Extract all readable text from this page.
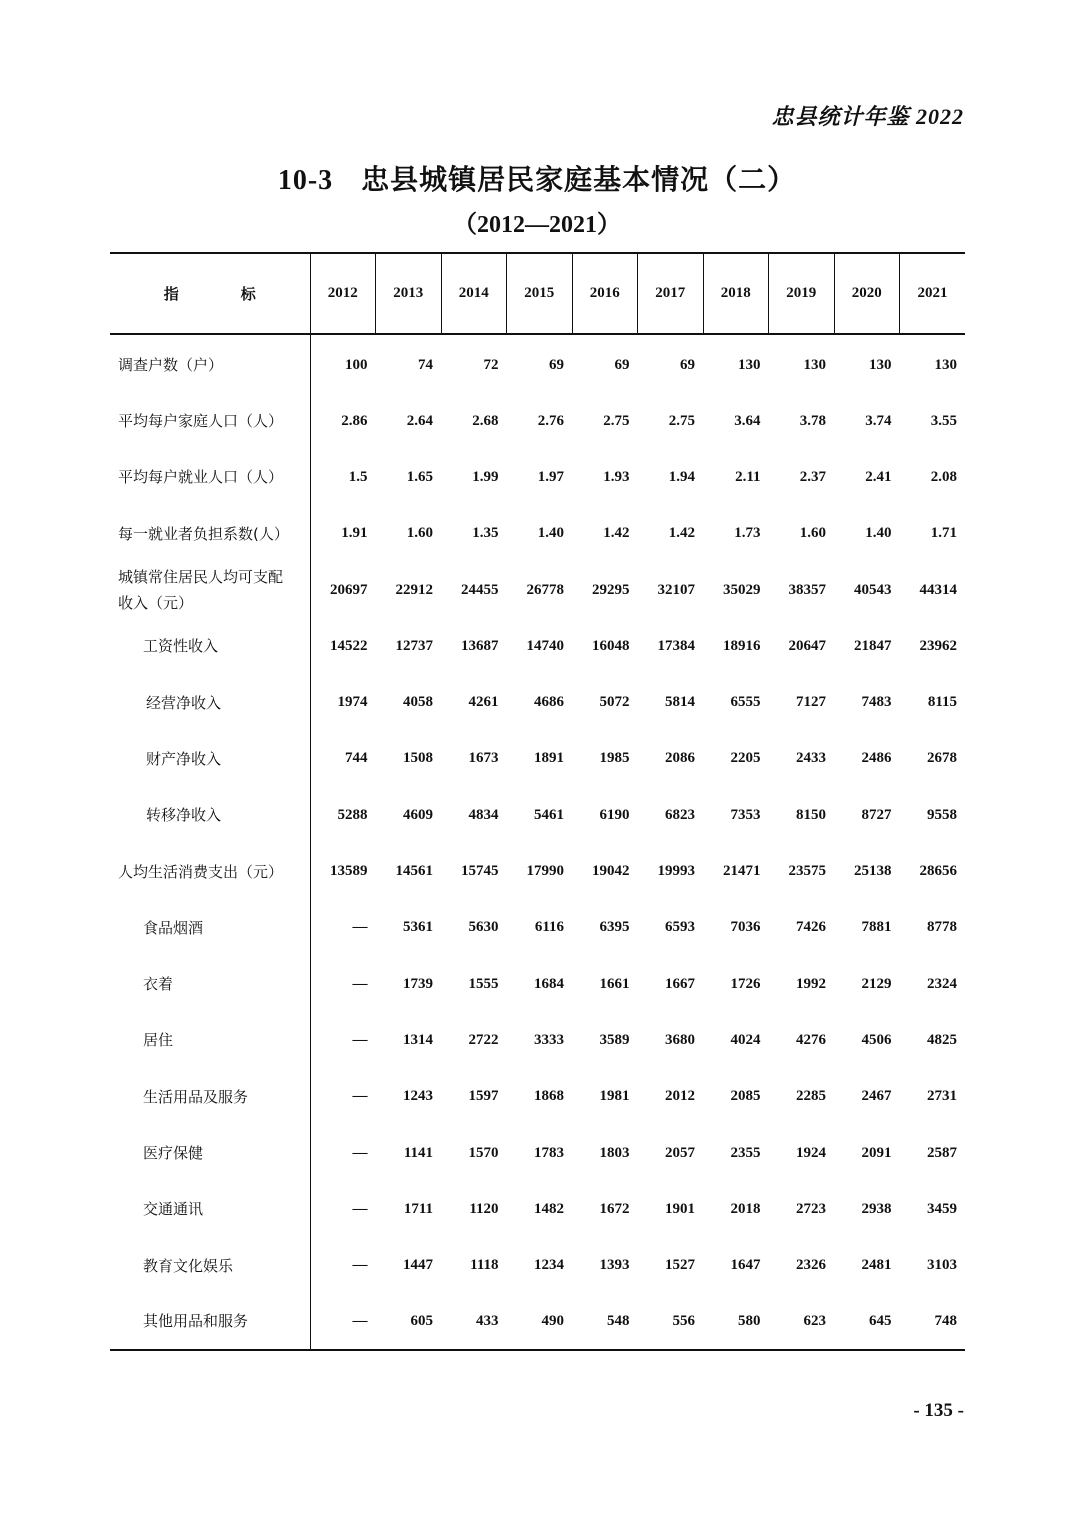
忠县统计年鉴 2022
10-3 忠县城镇居民家庭基本情况（二）
（2012—2021）
指 标	2012	2013	2014	2015	2016	2017	2018	2019	2020	2021
调查户数（户）	100	74	72	69	69	69	130	130	130	130
平均每户家庭人口（人）	2.86	2.64	2.68	2.76	2.75	2.75	3.64	3.78	3.74	3.55
平均每户就业人口（人）	1.5	1.65	1.99	1.97	1.93	1.94	2.11	2.37	2.41	2.08
每一就业者负担系数(人）	1.91	1.60	1.35	1.40	1.42	1.42	1.73	1.60	1.40	1.71
城镇常住居民人均可支配
收入（元）	20697	22912	24455	26778	29295	32107	35029	38357	40543	44314
工资性收入	14522	12737	13687	14740	16048	17384	18916	20647	21847	23962
经营净收入	1974	4058	4261	4686	5072	5814	6555	7127	7483	8115
财产净收入	744	1508	1673	1891	1985	2086	2205	2433	2486	2678
转移净收入	5288	4609	4834	5461	6190	6823	7353	8150	8727	9558
人均生活消费支出（元）	13589	14561	15745	17990	19042	19993	21471	23575	25138	28656
食品烟酒	—	5361	5630	6116	6395	6593	7036	7426	7881	8778
衣着	—	1739	1555	1684	1661	1667	1726	1992	2129	2324
居住	—	1314	2722	3333	3589	3680	4024	4276	4506	4825
生活用品及服务	—	1243	1597	1868	1981	2012	2085	2285	2467	2731
医疗保健	—	1141	1570	1783	1803	2057	2355	1924	2091	2587
交通通讯	—	1711	1120	1482	1672	1901	2018	2723	2938	3459
教育文化娱乐	—	1447	1118	1234	1393	1527	1647	2326	2481	3103
其他用品和服务	—	605	433	490	548	556	580	623	645	748
- 135 -
